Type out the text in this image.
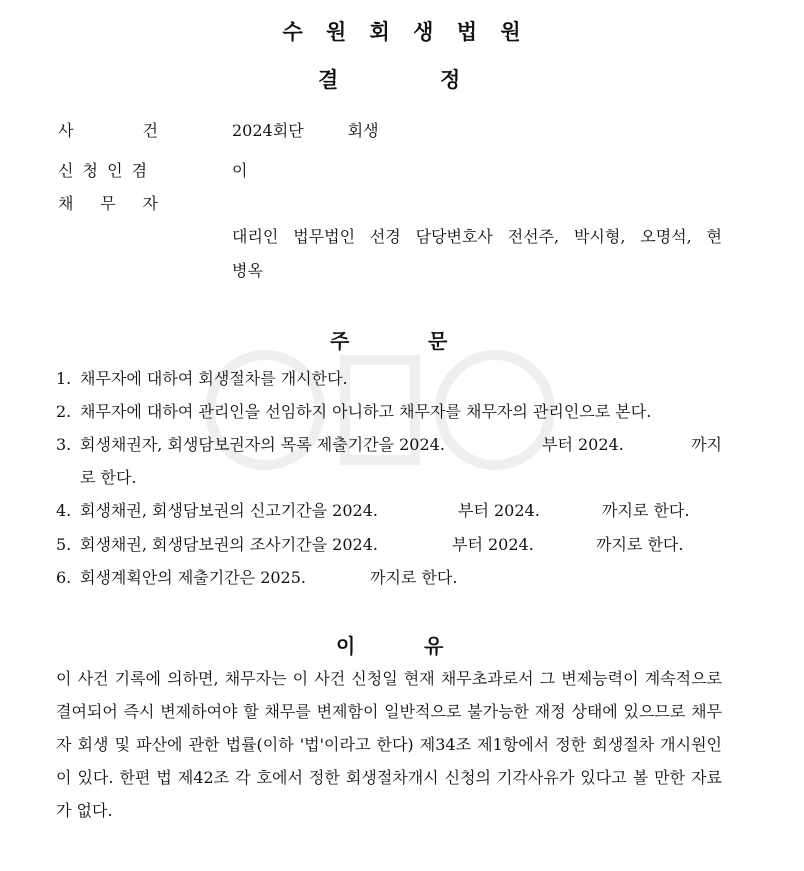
수 원 회 생 법 원
결	정
사	건	2024회단	회생
신 청 인 겸	이
채 무 자
대리인 법무법인 선경 담당변호사 전선주, 박시형, 오명석, 현
병옥
주	문
1. 채무자에 대하여 회생절차를 개시한다.
2. 채무자에 대하여 관리인을 선임하지 아니하고 채무자를 채무자의 관리인으로 본다.
3. 회생채권자, 회생담보권자의 목록 제출기간을 2024.	부터 2024.	까지
로 한다.
4. 회생채권, 회생담보권의 신고기간을 2024.	부터 2024.	까지로 한다.
5. 회생채권, 회생담보권의 조사기간을 2024.	부터 2024.	까지로 한다.
6. 회생계획안의 제출기간은 2025.	까지로 한다.
이	유
이 사건 기록에 의하면, 채무자는 이 사건 신청일 현재 채무초과로서 그 변제능력이 계속적으로 결여되어 즉시 변제하여야 할 채무를 변제함이 일반적으로 불가능한 재정 상태에 있으므로 채무자 회생 및 파산에 관한 법률(이하 '법'이라고 한다) 제34조 제1항에서 정한 회생절차 개시원인이 있다. 한편 법 제42조 각 호에서 정한 회생절차개시 신청의 기각사유가 있다고 볼 만한 자료가 없다.
